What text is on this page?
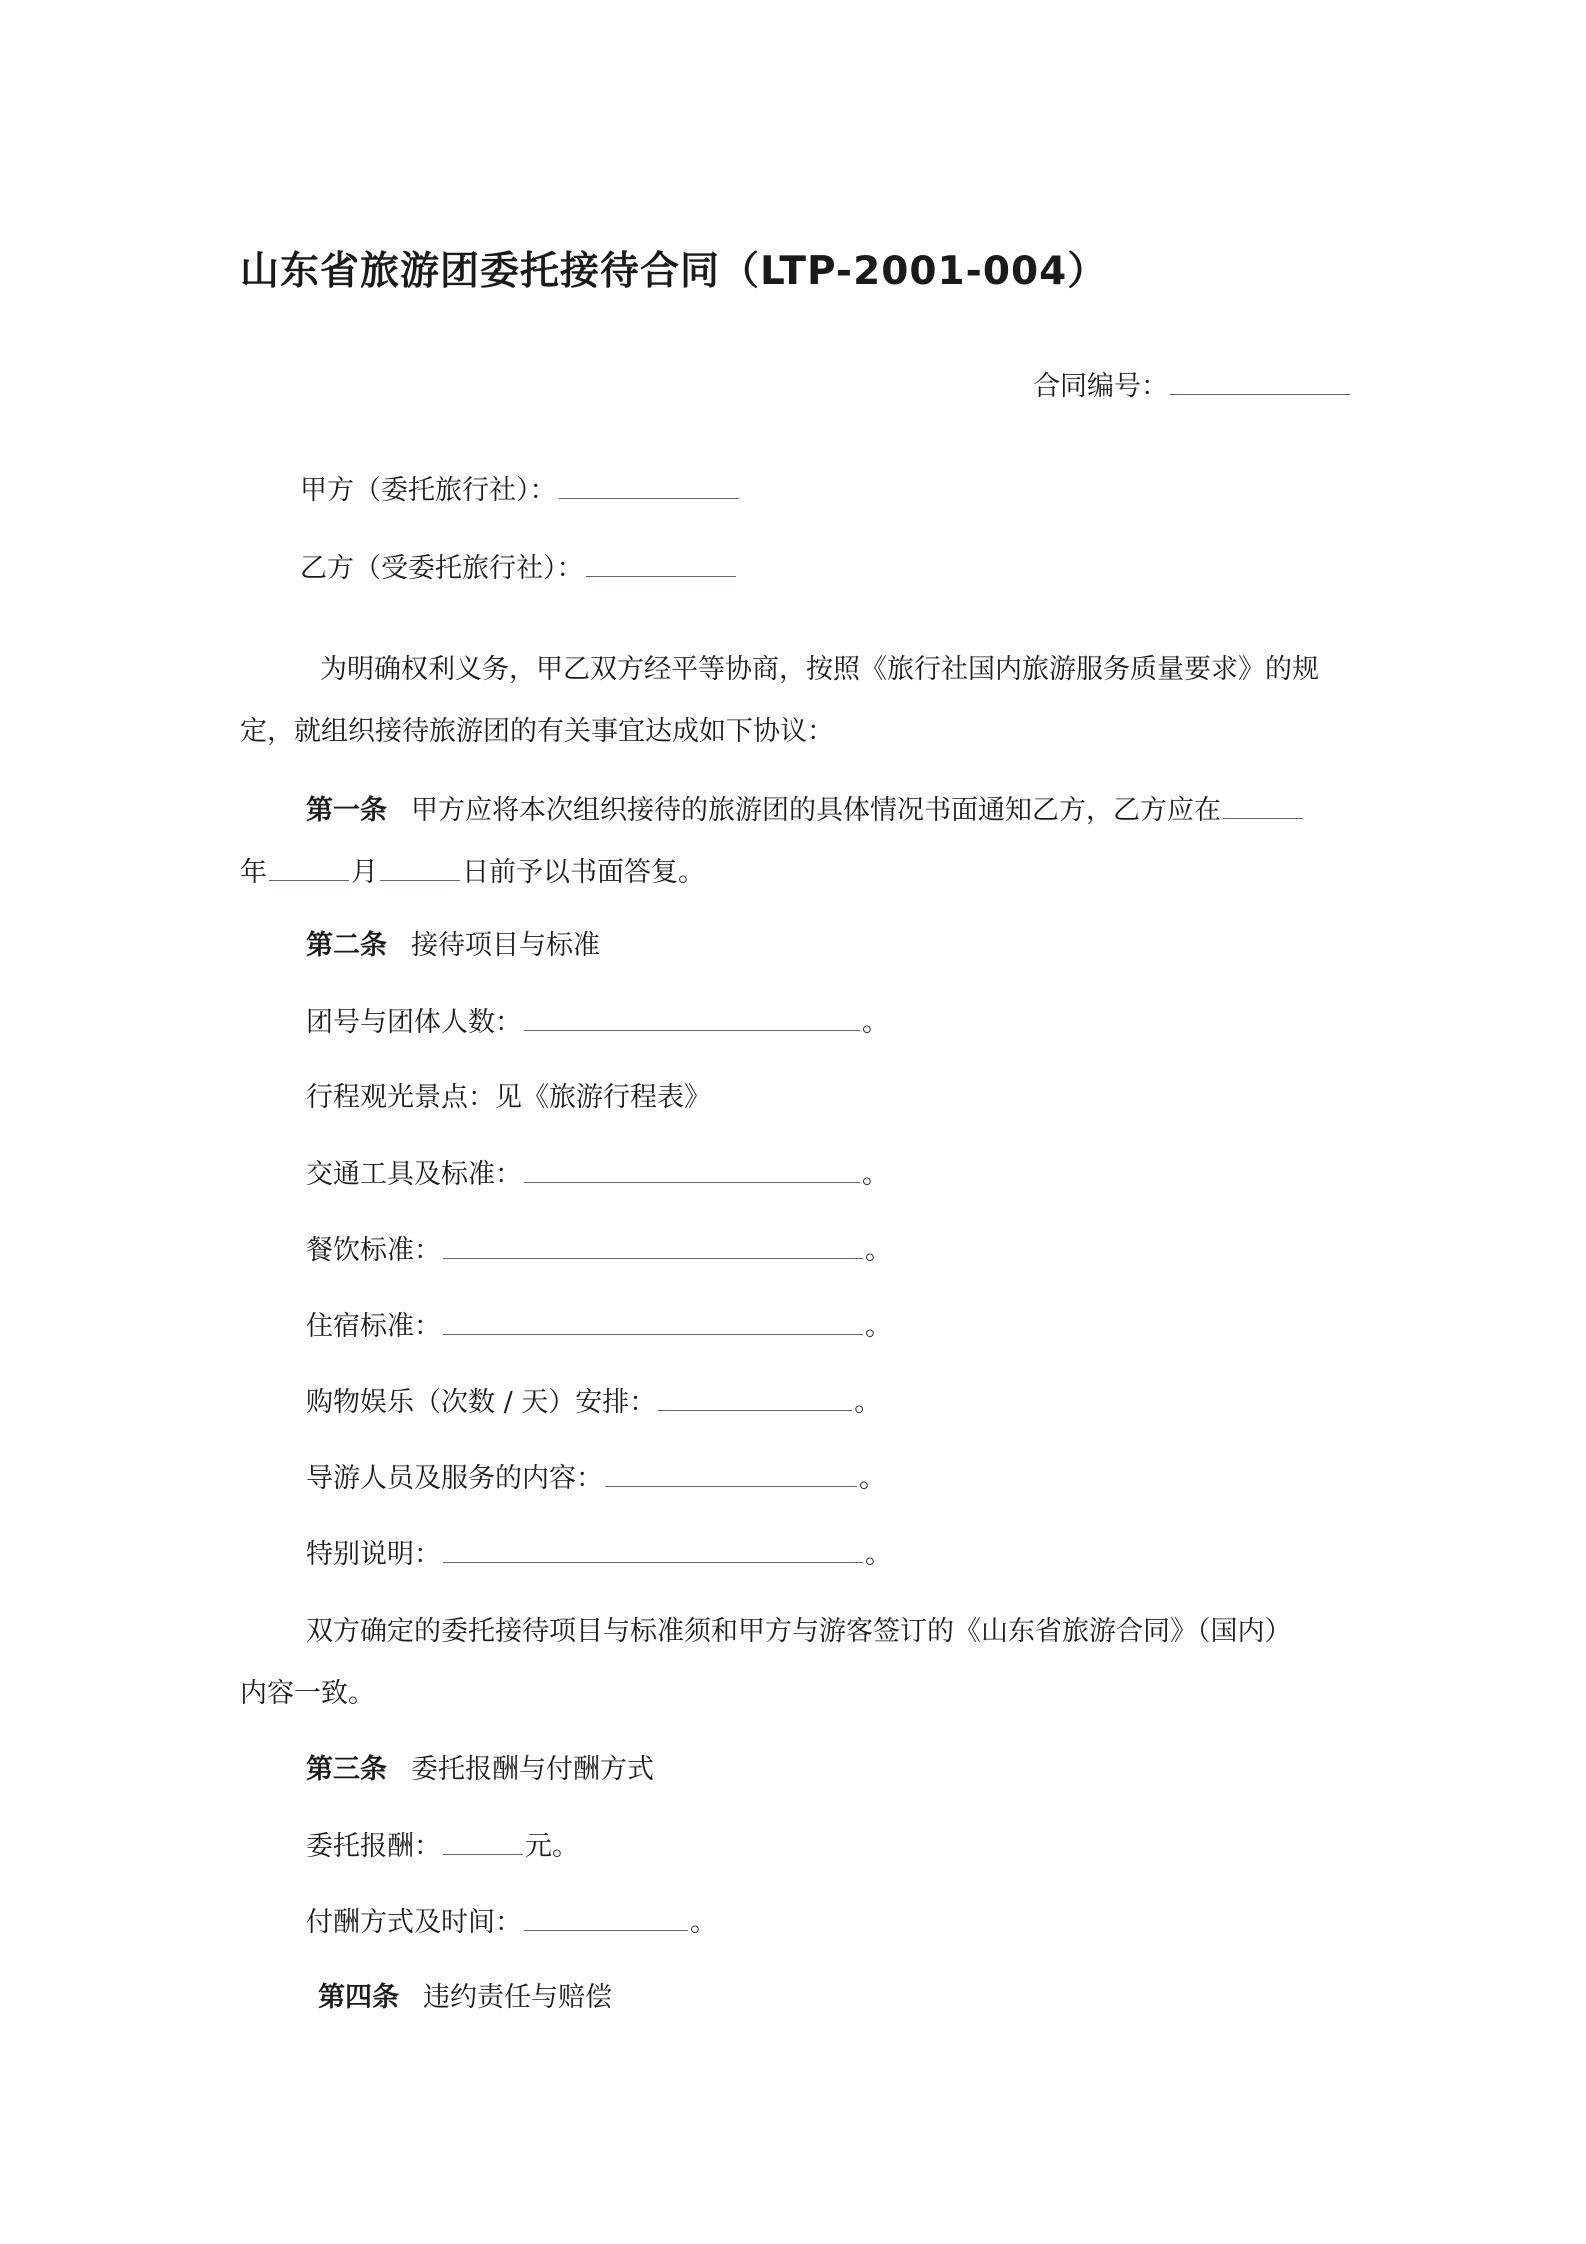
山东省旅游团委托接待合同（LTP-2001-004）
合同编号：
甲方（委托旅行社）：
乙方（受委托旅行社）：
为明确权利义务，甲乙双方经平等协商，按照《旅行社国内旅游服务质量要求》的规
定，就组织接待旅游团的有关事宜达成如下协议：
第一条 甲方应将本次组织接待的旅游团的具体情况书面通知乙方，乙方应在
年	月	日前予以书面答复。
第二条 接待项目与标准
团号与团体人数：	。
行程观光景点：见《旅游行程表》
交通工具及标准：	。
餐饮标准：	。
住宿标准：	。
购物娱乐（次数 / 天）安排：	。
导游人员及服务的内容：	。
特别说明：	。
双方确定的委托接待项目与标准须和甲方与游客签订的《山东省旅游合同》（国内）
内容一致。
第三条 委托报酬与付酬方式
委托报酬：	元。
付酬方式及时间：	。
第四条 违约责任与赔偿
